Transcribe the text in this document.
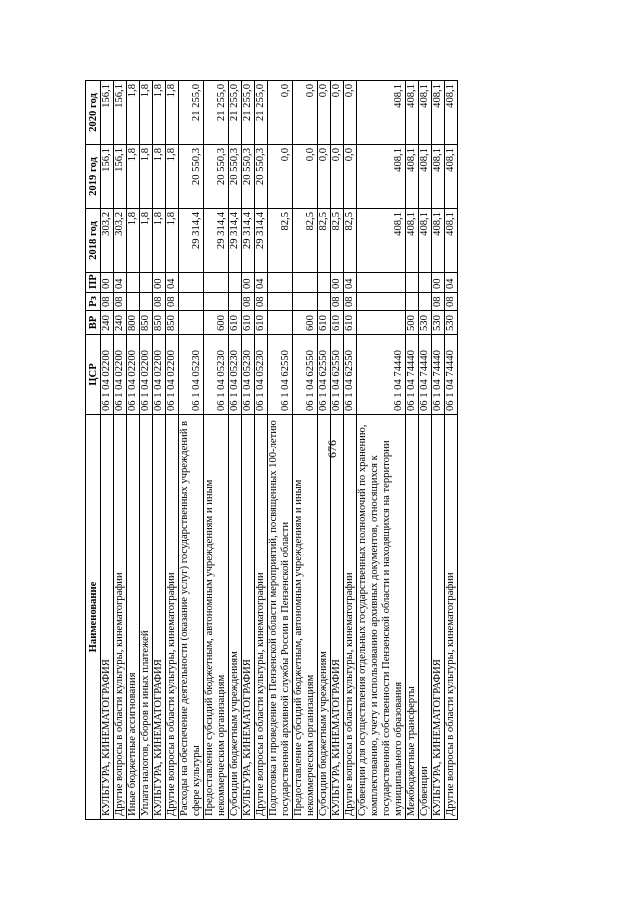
676
Наименование	ЦСР	ВР	Рз	ПР	2018 год	2019 год	2020 год
КУЛЬТУРА, КИНЕМАТОГРАФИЯ	06 1 04 02200	240	08	00	303,2	156,1	156,1
Другие вопросы в области культуры, кинематографии	06 1 04 02200	240	08	04	303,2	156,1	156,1
Иные бюджетные ассигнования	06 1 04 02200	800			1,8	1,8	1,8
Уплата налогов, сборов и иных платежей	06 1 04 02200	850			1,8	1,8	1,8
КУЛЬТУРА, КИНЕМАТОГРАФИЯ	06 1 04 02200	850	08	00	1,8	1,8	1,8
Другие вопросы в области культуры, кинематографии	06 1 04 02200	850	08	04	1,8	1,8	1,8
Расходы на обеспечение деятельности (оказание услуг) государственных учреждений в сфере культуры	06 1 04 05230				29 314,4	20 550,3	21 255,0
Предоставление субсидий бюджетным, автономным учреждениям и иным некоммерческим организациям	06 1 04 05230	600			29 314,4	20 550,3	21 255,0
Субсидии бюджетным учреждениям	06 1 04 05230	610			29 314,4	20 550,3	21 255,0
КУЛЬТУРА, КИНЕМАТОГРАФИЯ	06 1 04 05230	610	08	00	29 314,4	20 550,3	21 255,0
Другие вопросы в области культуры, кинематографии	06 1 04 05230	610	08	04	29 314,4	20 550,3	21 255,0
Подготовка и проведение в Пензенской области мероприятий, посвященных 100-летию государственной архивной службы России в Пензенской области	06 1 04 62550				82,5	0,0	0,0
Предоставление субсидий бюджетным, автономным учреждениям и иным некоммерческим организациям	06 1 04 62550	600			82,5	0,0	0,0
Субсидии бюджетным учреждениям	06 1 04 62550	610			82,5	0,0	0,0
КУЛЬТУРА, КИНЕМАТОГРАФИЯ	06 1 04 62550	610	08	00	82,5	0,0	0,0
Другие вопросы в области культуры, кинематографии	06 1 04 62550	610	08	04	82,5	0,0	0,0
Субвенции для осуществления отдельных государственных полномочий по хранению, комплектованию, учету и использованию архивных документов, относящихся к государственной собственности Пензенской области и находящихся на территории муниципального образования	06 1 04 74440				408,1	408,1	408,1
Межбюджетные трансферты	06 1 04 74440	500			408,1	408,1	408,1
Субвенции	06 1 04 74440	530			408,1	408,1	408,1
КУЛЬТУРА, КИНЕМАТОГРАФИЯ	06 1 04 74440	530	08	00	408,1	408,1	408,1
Другие вопросы в области культуры, кинематографии	06 1 04 74440	530	08	04	408,1	408,1	408,1
